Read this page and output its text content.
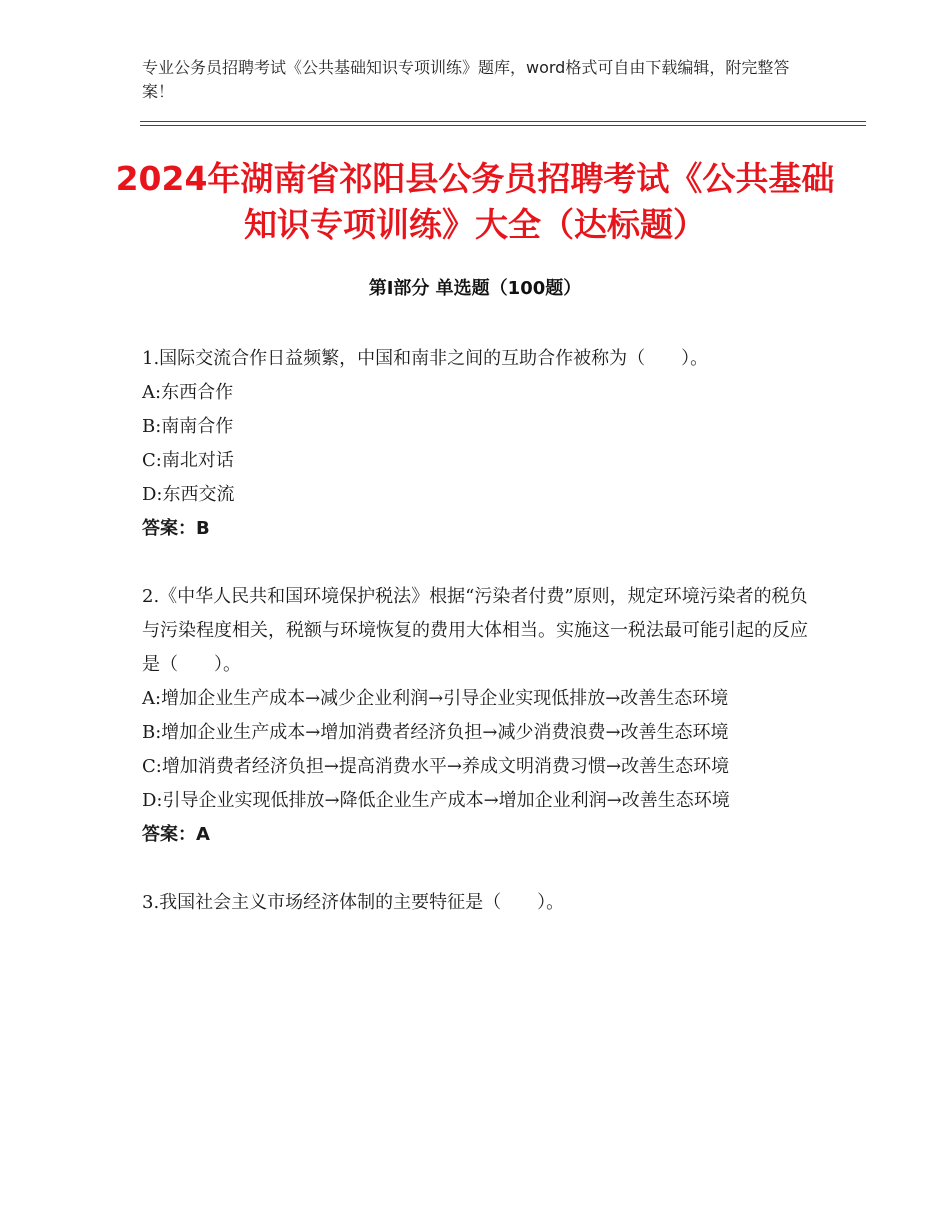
专业公务员招聘考试《公共基础知识专项训练》题库，word格式可自由下载编辑，附完整答案！
2024年湖南省祁阳县公务员招聘考试《公共基础知识专项训练》大全（达标题）
第Ⅰ部分 单选题（100题）

1.国际交流合作日益频繁，中国和南非之间的互助合作被称为（　　）。

A:东西合作

B:南南合作

C:南北对话

D:东西交流

答案：B

2.《中华人民共和国环境保护税法》根据“污染者付费”原则，规定环境污染者的税负与污染程度相关，税额与环境恢复的费用大体相当。实施这一税法最可能引起的反应是（　　）。

A:增加企业生产成本→减少企业利润→引导企业实现低排放→改善生态环境

B:增加企业生产成本→增加消费者经济负担→减少消费浪费→改善生态环境

C:增加消费者经济负担→提高消费水平→养成文明消费习惯→改善生态环境

D:引导企业实现低排放→降低企业生产成本→增加企业利润→改善生态环境

答案：A

3.我国社会主义市场经济体制的主要特征是（　　）。
